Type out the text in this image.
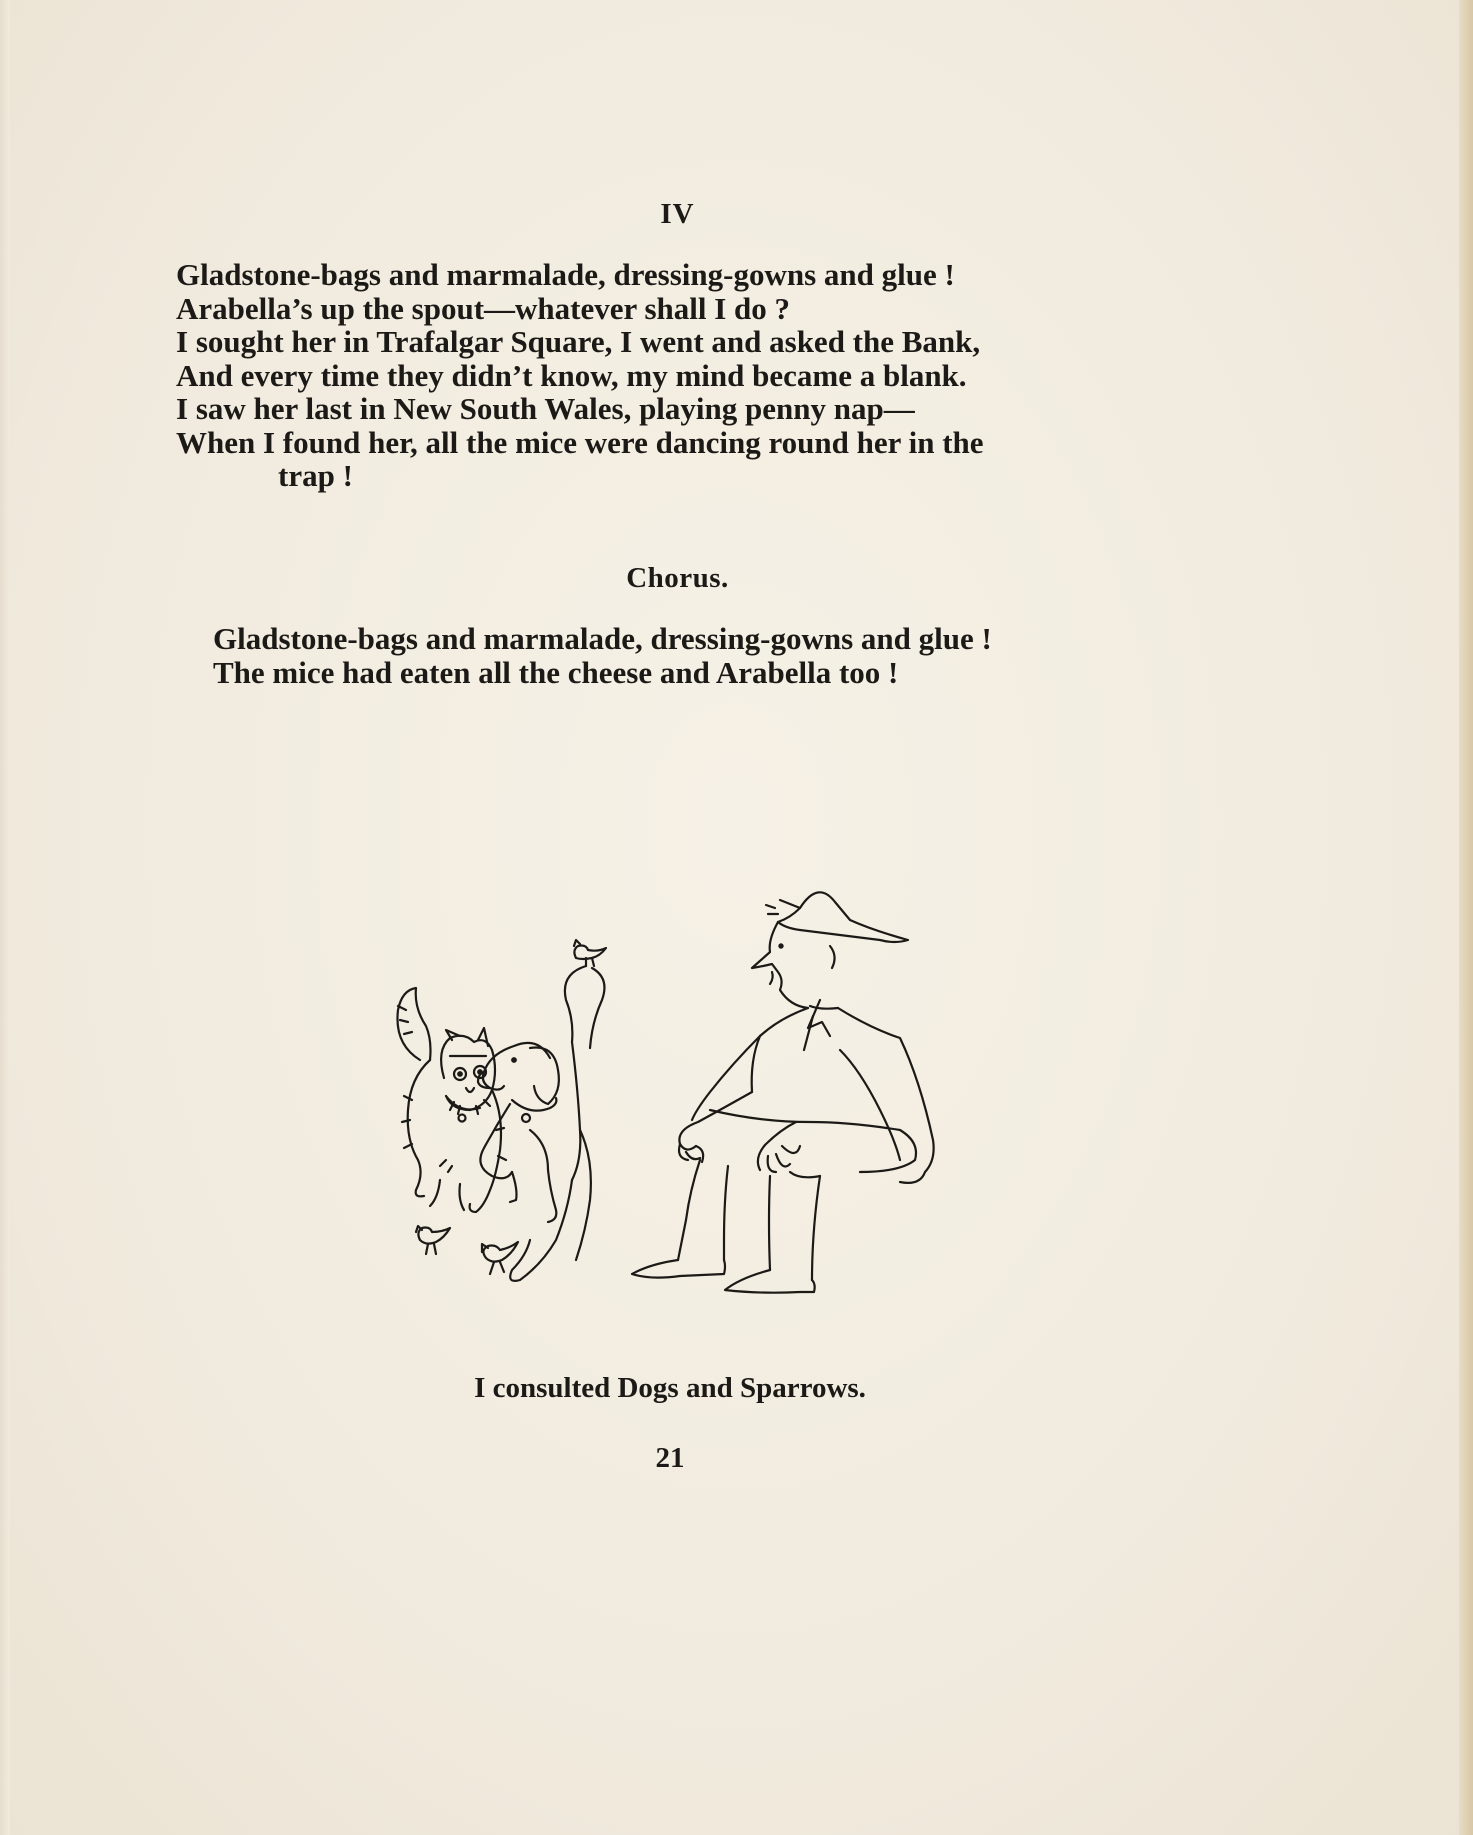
IV
Gladstone-bags and marmalade, dressing-gowns and glue !
Arabella’s up the spout—whatever shall I do ?
I sought her in Trafalgar Square, I went and asked the Bank,
And every time they didn’t know, my mind became a blank.
I saw her last in New South Wales, playing penny nap—
When I found her, all the mice were dancing round her in the
trap !
Chorus.
Gladstone-bags and marmalade, dressing-gowns and glue !
The mice had eaten all the cheese and Arabella too !
I consulted Dogs and Sparrows.
21
